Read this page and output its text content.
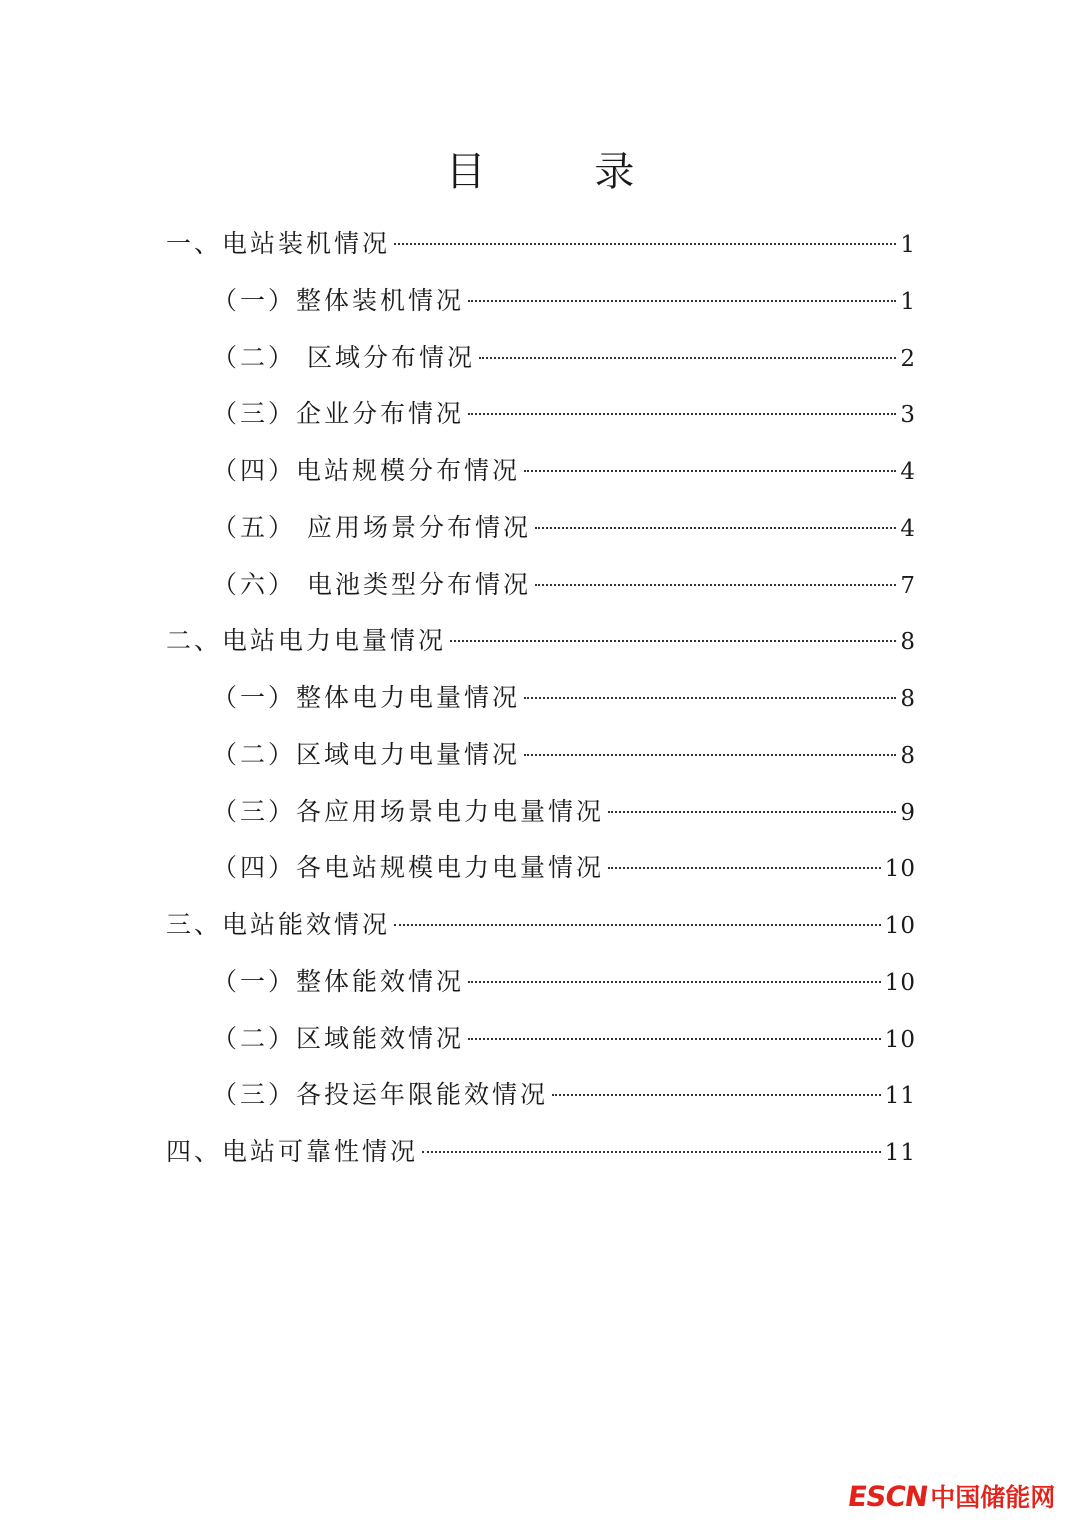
目 录
一、电站装机情况	1
（一）整体装机情况	1
（二） 区域分布情况	2
（三）企业分布情况	3
（四）电站规模分布情况	4
（五） 应用场景分布情况	4
（六） 电池类型分布情况	7
二、电站电力电量情况	8
（一）整体电力电量情况	8
（二）区域电力电量情况	8
（三）各应用场景电力电量情况	9
（四）各电站规模电力电量情况	10
三、电站能效情况	10
（一）整体能效情况	10
（二）区域能效情况	10
（三）各投运年限能效情况	11
四、电站可靠性情况	11
ESCN 中国储能网
